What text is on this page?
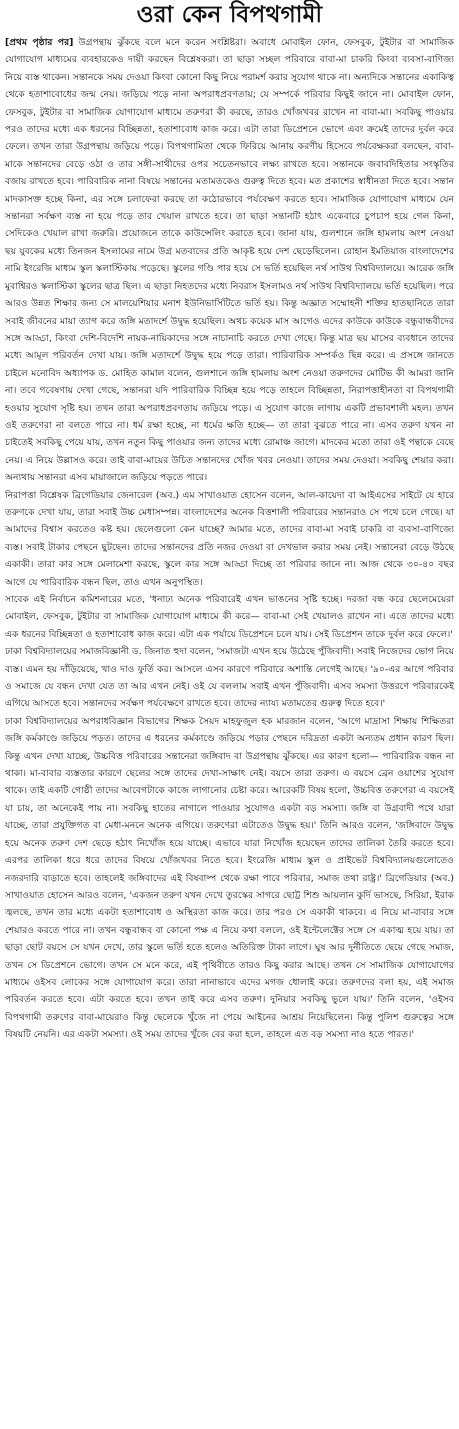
ওরা কেন বিপথগামী

[প্রথম পৃষ্ঠার পর] উগ্রপন্থায় ঝুঁকছে বলে মনে করেন সংশ্লিষ্টরা। অবাধে মোবাইল ফোন, ফেসবুক, টুইটার বা সামাজিক যোগাযোগ মাধ্যমের ব্যবহারকেও দায়ী করছেন বিশ্লেষকরা। তা ছাড়া সচ্ছল পরিবারে বাবা-মা চাকরি কিংবা ব্যবসা-বাণিজ্য নিয়ে ব্যস্ত থাকেন। সন্তানকে সময় দেওয়া কিংবা কোনো কিছু নিয়ে পরামর্শ করার সুযোগ থাকে না। অন্যদিকে সন্তানের একাকিত্ব থেকে হতাশাবোধের জন্ম নেয়। জড়িয়ে পড়ে নানা অপরাধপ্রবণতায়; যে সম্পর্কে পরিবার কিছুই জানে না। মোবাইল ফোন, ফেসবুক, টুইটার বা সামাজিক যোগাযোগ মাধ্যমে তরুণরা কী করছে, তারও খোঁজখবর রাখেন না বাবা-মা। সবকিছু পাওয়ার পরও তাদের মধ্যে এক ধরনের বিচ্ছিন্নতা, হতাশাবোধ কাজ করে। এটা তারা ডিপ্রেশনে ভোগে এবং ক্রমেই তাদের দুর্বল করে ফেলে। তখন তারা উগ্রপন্থায় জড়িয়ে পড়ে। বিপথগামিতা থেকে ফিরিয়ে আনায় করণীয় হিসেবে পর্যবেক্ষকরা বলছেন, বাবা-মাকে সন্তানদের বেড়ে ওঠা ও তার সঙ্গী-সাথীদের ওপর সচেতনভাবে লক্ষ্য রাখতে হবে। সন্তানকে জবাবদিহিতার সংস্কৃতির বজায় রাখতে হবে। পারিবারিক নানা বিষয়ে সন্তানের মতামতকেও গুরুত্ব দিতে হবে। মত প্রকাশের স্বাধীনতা দিতে হবে। সন্তান মাদকাসক্ত হচ্ছে কিনা, এর সঙ্গে চলাফেরা করছে তা কঠোরভাবে পর্যবেক্ষণ করতে হবে। সামাজিক যোগাযোগ মাধ্যমে যেন সন্তানরা সর্বক্ষণ ব্যস্ত না হয়ে পড়ে তার খেয়াল রাখতে হবে। তা ছাড়া সন্তানটি হঠাৎ একেবারে চুপচাপ হয়ে গেল কিনা, সেদিকেও খেয়াল রাখা জরুরি। প্রয়োজনে তাকে কাউন্সেলিং করাতে হবে। জানা যায়, গুলশানে জঙ্গি হামলায় অংশ নেওয়া ছয় যুবকের মধ্যে তিনজন ইসলামের নামে উগ্র মতবাদের প্রতি আকৃষ্ট হয়ে দেশ ছেড়েছিলেন। রোহান ইমতিয়াজ বাংলাদেশের নামি ইংরেজি মাধ্যম স্কুল স্কলাস্টিকায় পড়েছে। স্কুলের গণ্ডি পার হয়ে সে ভর্তি হয়েছিল নর্থ সাউথ বিশ্ববিদ্যালয়ে। আরেক জঙ্গি মুবাশ্বিরও স্কলাস্টিকা স্কুলের ছাত্র ছিল। এ ছাড়া নিহতদের মধ্যে নিবরাস ইসলামও নর্থ সাউথ বিশ্ববিদ্যালয়ে ভর্তি হয়েছিল। পরে আরও উন্নত শিক্ষার জন্য সে মালয়েশিয়ার মনাশ ইউনিভার্সিটিতে ভর্তি হয়। কিন্তু অজ্ঞাত সম্মোহনী শক্তির হাতছানিতে তারা সবাই জীবনের মায়া ত্যাগ করে জঙ্গি মতাদর্শে উদ্বুদ্ধ হয়েছিল। অথচ কয়েক মাস আগেও এদের কাউকে কাউকে বন্ধুবান্ধবীদের সঙ্গে আড্ডা, কিংবা দেশি-বিদেশি নায়ক-নায়িকাদের সঙ্গে নাচানাচি করতে দেখা গেছে। কিন্তু মাত্র ছয় মাসের ব্যবধানে তাদের মধ্যে আমূল পরিবর্তন দেখা যায়। জঙ্গি মতাদর্শে উদ্বুদ্ধ হয়ে পড়ে তারা। পারিবারিক সম্পর্কও ছিন্ন করে। এ প্রসঙ্গে জানতে চাইলে মনোবিদ অধ্যাপক ড. মোহিত কামাল বলেন, গুলশানে জঙ্গি হামলায় অংশ নেওয়া তরুণদের মোটিভ কী আমরা জানি না। তবে গবেষণায় দেখা গেছে, সন্তানরা যদি পারিবারিক বিচ্ছিন্ন হয়ে পড়ে তাহলে বিচ্ছিন্নতা, নিরাপত্তাহীনতা বা বিপথগামী হওয়ার সুযোগ সৃষ্টি হয়। তখন তারা অপরাধপ্রবণতায় জড়িয়ে পড়ে। এ সুযোগ কাজে লাগায় একটি প্রভাবশালী মহল। তখন ওই তরুণেরা না বলতে পারে না। ধর্ম রক্ষা হচ্ছে, না ধর্মের ক্ষতি হচ্ছে— তা তারা বুঝতে পারে না। এসব তরুণ যখন না চাইতেই সবকিছু পেয়ে যায়, তখন নতুন কিছু পাওয়ার জন্য তাদের মধ্যে রোমাঞ্চ জাগে। মাদকের মতো তারা ওই পন্থাকে বেছে নেয়। এ নিয়ে উল্লাসও করে। তাই বাবা-মায়ের উচিত সন্তানদের খোঁজ খবর নেওয়া। তাদের সময় দেওয়া। সবকিছু শেয়ার করা। অন্যথায় সন্তানরা এসব মায়াজালে জড়িয়ে পড়তে পারে।

নিরাপত্তা বিশ্লেষক ব্রিগেডিয়ার জেনারেল (অব.) এম সাখাওয়াত হোসেন বলেন, আল-কায়েদা বা আইএসের সাইটে যে হারে তরুণকে দেখা যায়, তারা সবাই উচ্চ মেধাসম্পন্ন। বাংলাদেশের অনেক বিত্তশালী পরিবারের সন্তানরাও সে পথে চলে গেছে। যা আমাদের বিশ্বাস করতেও কষ্ট হয়। ছেলেগুলো কেন যাচ্ছে? আমার মতে, তাদের বাবা-মা সবাই চাকরি বা ব্যবসা-বাণিজ্যে ব্যস্ত। সবাই টাকার পেছনে ছুটছেন। তাদের সন্তানদের প্রতি নজর দেওয়া বা দেখভাল করার সময় নেই। সন্তানেরা বেড়ে উঠছে একাকী। তারা কার সঙ্গে মেলামেশা করছে, স্কুলে কার সঙ্গে আড্ডা দিচ্ছে তা পরিবার জানে না। আজ থেকে ৩০-৪০ বছর আগে যে পারিবারিক বন্ধন ছিল, তাও এখন অনুপস্থিত।

সাবেক এই নির্বাচন কমিশনারের মতে, 'ধনাঢ্য অনেক পরিবারেই এখন ভাঙনের সৃষ্টি হচ্ছে। দরজা বন্ধ করে ছেলেমেয়েরা মোবাইল, ফেসবুক, টুইটার বা সামাজিক যোগাযোগ মাধ্যমে কী করে— বাবা-মা সেই খেয়ালও রাখেন না। এতে তাদের মধ্যে এক ধরনের বিচ্ছিন্নতা ও হতাশাবোধ কাজ করে। এটা এক পর্যায়ে ডিপ্রেশনে চলে যায়। সেই ডিপ্রেশন তাকে দুর্বল করে ফেলে।'

ঢাকা বিশ্ববিদ্যালয়ের সমাজবিজ্ঞানী ড. জিনাত হুদা বলেন, 'সমাজটা এখন হয়ে উঠেছে পুঁজিবাদী। সবাই নিজেদের ভোগ নিয়ে ব্যস্ত। এমন হয় দাঁড়িয়েছে, খাও দাও ফুর্তি কর। আসলে এসব কারণে পরিবারে অশান্তি লেগেই আছে। '৯০-এর আগে পরিবার ও সমাজে যে বন্ধন দেখা যেত তা আর এখন নেই। ওই যে বললাম সবাই এখন পুঁজিবাদী। এসব সমস্যা উত্তরণে পরিবারকেই এগিয়ে আসতে হবে। সন্তানদের সর্বক্ষণ পর্যবেক্ষণে রাখতে হবে। তাদের ন্যায্য মতামতের গুরুত্ব দিতে হবে।'

ঢাকা বিশ্ববিদ্যালয়ের অপরাধবিজ্ঞান বিভাগের শিক্ষক সৈয়দ মাহফুজুল হক মারজান বলেন, 'আগে মাদ্রাসা শিক্ষায় শিক্ষিতরা জঙ্গি কর্মকাণ্ডে জড়িয়ে পড়ত। তাদের এ ধরনের কর্মকাণ্ডে জড়িয়ে পড়ার পেছনে দরিদ্রতা একটা অন্যতম প্রধান কারণ ছিল। কিন্তু এখন দেখা যাচ্ছে, উচ্চবিত্ত পরিবারের সন্তানেরা জঙ্গিবাদ বা উগ্রপন্থায় ঝুঁকছে। এর কারণ হলো— পারিবারিক বন্ধন না থাকা। মা-বাবার ব্যস্ততার কারণে ছেলের সঙ্গে তাদের দেখা-সাক্ষাৎ নেই। বয়সে তারা তরুণ। এ বয়সে ব্রেন ওয়াশের সুযোগ থাকে। তাই একটি গোষ্ঠী তাদের আবেগটাকে কাজে লাগানোর চেষ্টা করে। আরেকটি বিষয় হলো, উচ্চবিত্ত তরুণেরা এ বয়সেই যা চায়, তা অনেকেই পায় না। সবকিছু হাতের নাগালে পাওয়ার সুযোগও একটা বড় সমস্যা। জঙ্গি বা উগ্রবাদী পথে যারা যাচ্ছে, তারা প্রযুক্তিগত বা মেধা-মননে অনেক এগিয়ে। তরুণেরা এটাতেও উদ্বুদ্ধ হয়।' তিনি আরও বলেন, 'জঙ্গিবাদে উদ্বুদ্ধ হয়ে অনেক তরুণ দেশ ছেড়ে হঠাৎ নিখোঁজ হয়ে যাচ্ছে। এভাবে যারা নিখোঁজ হয়েছেন তাদের তালিকা তৈরি করতে হবে। এরপর তালিকা ধরে ধরে তাদের বিষয়ে খোঁজখবর নিতে হবে। ইংরেজি মাধ্যম স্কুল ও প্রাইভেট বিশ্ববিদ্যালয়গুলোতেও নজরদারি বাড়াতে হবে। তাহলেই জঙ্গিবাদের এই বিষবাষ্প থেকে রক্ষা পাবে পরিবার, সমাজ তথা রাষ্ট্র।' ব্রিগেডিয়ার (অব.) সাখাওয়াত হোসেন আরও বলেন, 'একজন তরুণ যখন দেখে তুরস্কের সাগরে ছোট্ট শিশু আয়লান কুর্দি ভাসছে, সিরিয়া, ইরাক জ্বলছে, তখন তার মধ্যে একটা হতাশাবোধ ও অস্থিরতা কাজ করে। তার পরও সে একাকী থাকবে। এ নিয়ে মা-বাবার সঙ্গে শেয়ারও করতে পারে না। তখন বন্ধুবান্ধব বা কোনো পক্ষ এ নিয়ে কথা বললে, ওই ইন্টেলেক্টের সঙ্গে সে একাত্ম হয়ে যায়। তা ছাড়া ছোট বয়সে সে যখন দেখে, তার স্কুলে ভর্তি হতে হলেও অতিরিক্ত টাকা লাগে। ঘুষ আর দুর্নীতিতে ছেয়ে গেছে সমাজ, তখন সে ডিপ্রেশনে ভোগে। তখন সে মনে করে, এই পৃথিবীতে তারও কিছু করার আছে। তখন সে সামাজিক যোগাযোগের মাধ্যমে ওইসব লোকের সঙ্গে যোগাযোগ করে। তারা নানাভাবে এদের মগজ ধোলাই করে। তরুণদের বলা হয়, এই সমাজ পরিবর্তন করতে হবে। এটা করতে হবে। তখন তাই করে এসব তরুণ। দুনিয়ার সবকিছু ভুলে যায়।' তিনি বলেন, 'ওইসব বিপথগামী তরুণের বাবা-মায়েরাও কিন্তু ছেলেকে খুঁজে না পেয়ে আইনের আশ্রয় নিয়েছিলেন। কিন্তু পুলিশ গুরুত্বের সঙ্গে বিষয়টি নেয়নি। এর একটা সমস্যা। ওই সময় তাদের খুঁজে বের করা হলে, তাহলে এত বড় সমস্যা নাও হতে পারত।'
